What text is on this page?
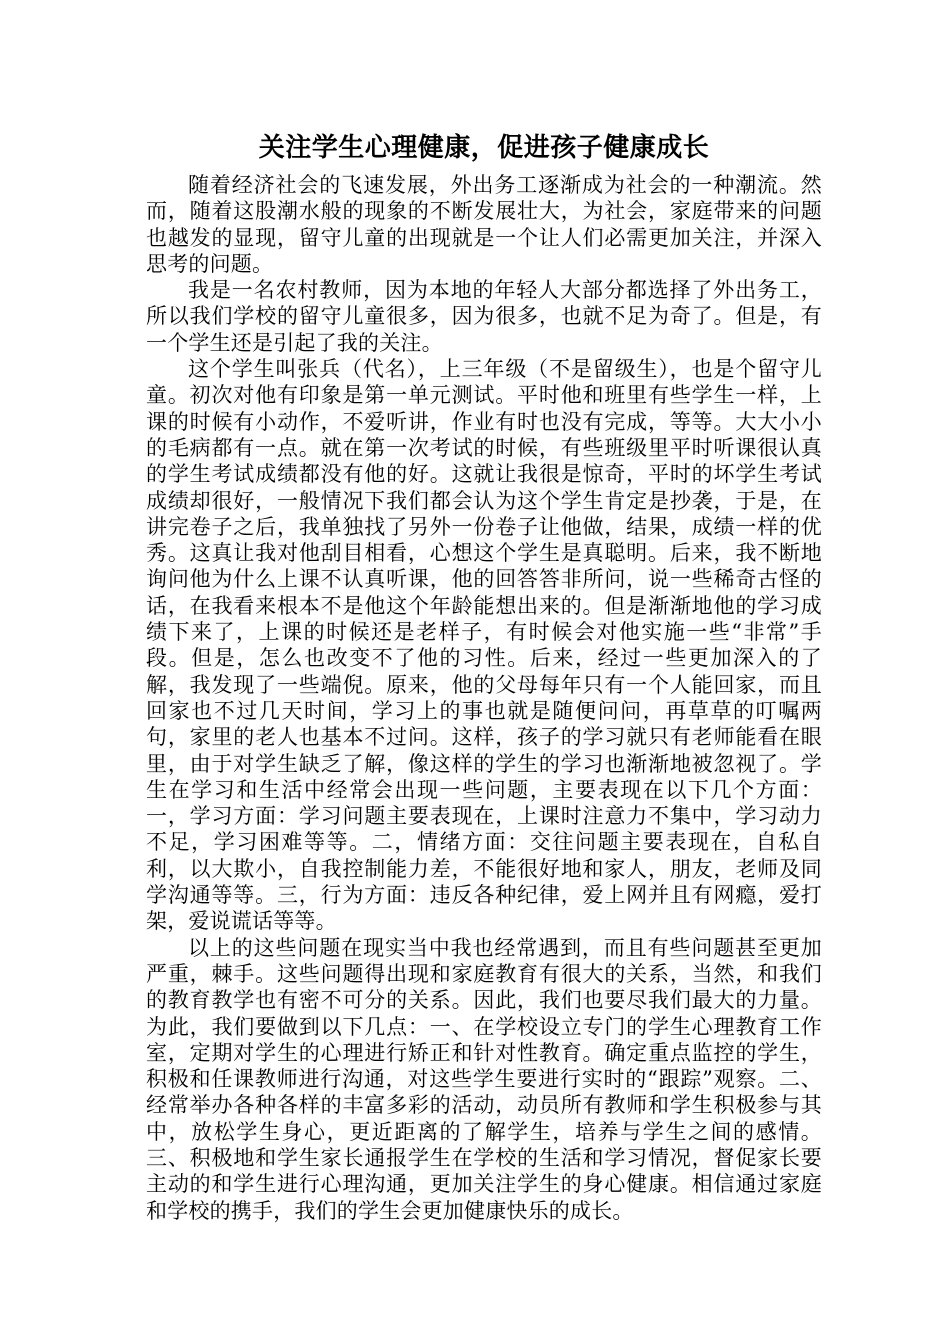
关注学生心理健康，促进孩子健康成长

随着经济社会的飞速发展，外出务工逐渐成为社会的一种潮流。然而，随着这股潮水般的现象的不断发展壮大，为社会，家庭带来的问题也越发的显现，留守儿童的出现就是一个让人们必需更加关注，并深入思考的问题。

我是一名农村教师，因为本地的年轻人大部分都选择了外出务工，所以我们学校的留守儿童很多，因为很多，也就不足为奇了。但是，有一个学生还是引起了我的关注。

这个学生叫张兵（代名），上三年级（不是留级生），也是个留守儿童。初次对他有印象是第一单元测试。平时他和班里有些学生一样，上课的时候有小动作，不爱听讲，作业有时也没有完成，等等。大大小小的毛病都有一点。就在第一次考试的时候，有些班级里平时听课很认真的学生考试成绩都没有他的好。这就让我很是惊奇，平时的坏学生考试成绩却很好，一般情况下我们都会认为这个学生肯定是抄袭，于是，在讲完卷子之后，我单独找了另外一份卷子让他做，结果，成绩一样的优秀。这真让我对他刮目相看，心想这个学生是真聪明。后来，我不断地询问他为什么上课不认真听课，他的回答答非所问，说一些稀奇古怪的话，在我看来根本不是他这个年龄能想出来的。但是渐渐地他的学习成绩下来了，上课的时候还是老样子，有时候会对他实施一些“非常”手段。但是，怎么也改变不了他的习性。后来，经过一些更加深入的了解，我发现了一些端倪。原来，他的父母每年只有一个人能回家，而且回家也不过几天时间，学习上的事也就是随便问问，再草草的叮嘱两句，家里的老人也基本不过问。这样，孩子的学习就只有老师能看在眼里，由于对学生缺乏了解，像这样的学生的学习也渐渐地被忽视了。学生在学习和生活中经常会出现一些问题，主要表现在以下几个方面：一，学习方面：学习问题主要表现在，上课时注意力不集中，学习动力不足，学习困难等等。二，情绪方面：交往问题主要表现在，自私自利，以大欺小，自我控制能力差，不能很好地和家人，朋友，老师及同学沟通等等。三，行为方面：违反各种纪律，爱上网并且有网瘾，爱打架，爱说谎话等等。

以上的这些问题在现实当中我也经常遇到，而且有些问题甚至更加严重，棘手。这些问题得出现和家庭教育有很大的关系，当然，和我们的教育教学也有密不可分的关系。因此，我们也要尽我们最大的力量。为此，我们要做到以下几点：一、在学校设立专门的学生心理教育工作室，定期对学生的心理进行矫正和针对性教育。确定重点监控的学生，积极和任课教师进行沟通，对这些学生要进行实时的“跟踪”观察。二、经常举办各种各样的丰富多彩的活动，动员所有教师和学生积极参与其中，放松学生身心，更近距离的了解学生，培养与学生之间的感情。三、积极地和学生家长通报学生在学校的生活和学习情况，督促家长要主动的和学生进行心理沟通，更加关注学生的身心健康。相信通过家庭和学校的携手，我们的学生会更加健康快乐的成长。
